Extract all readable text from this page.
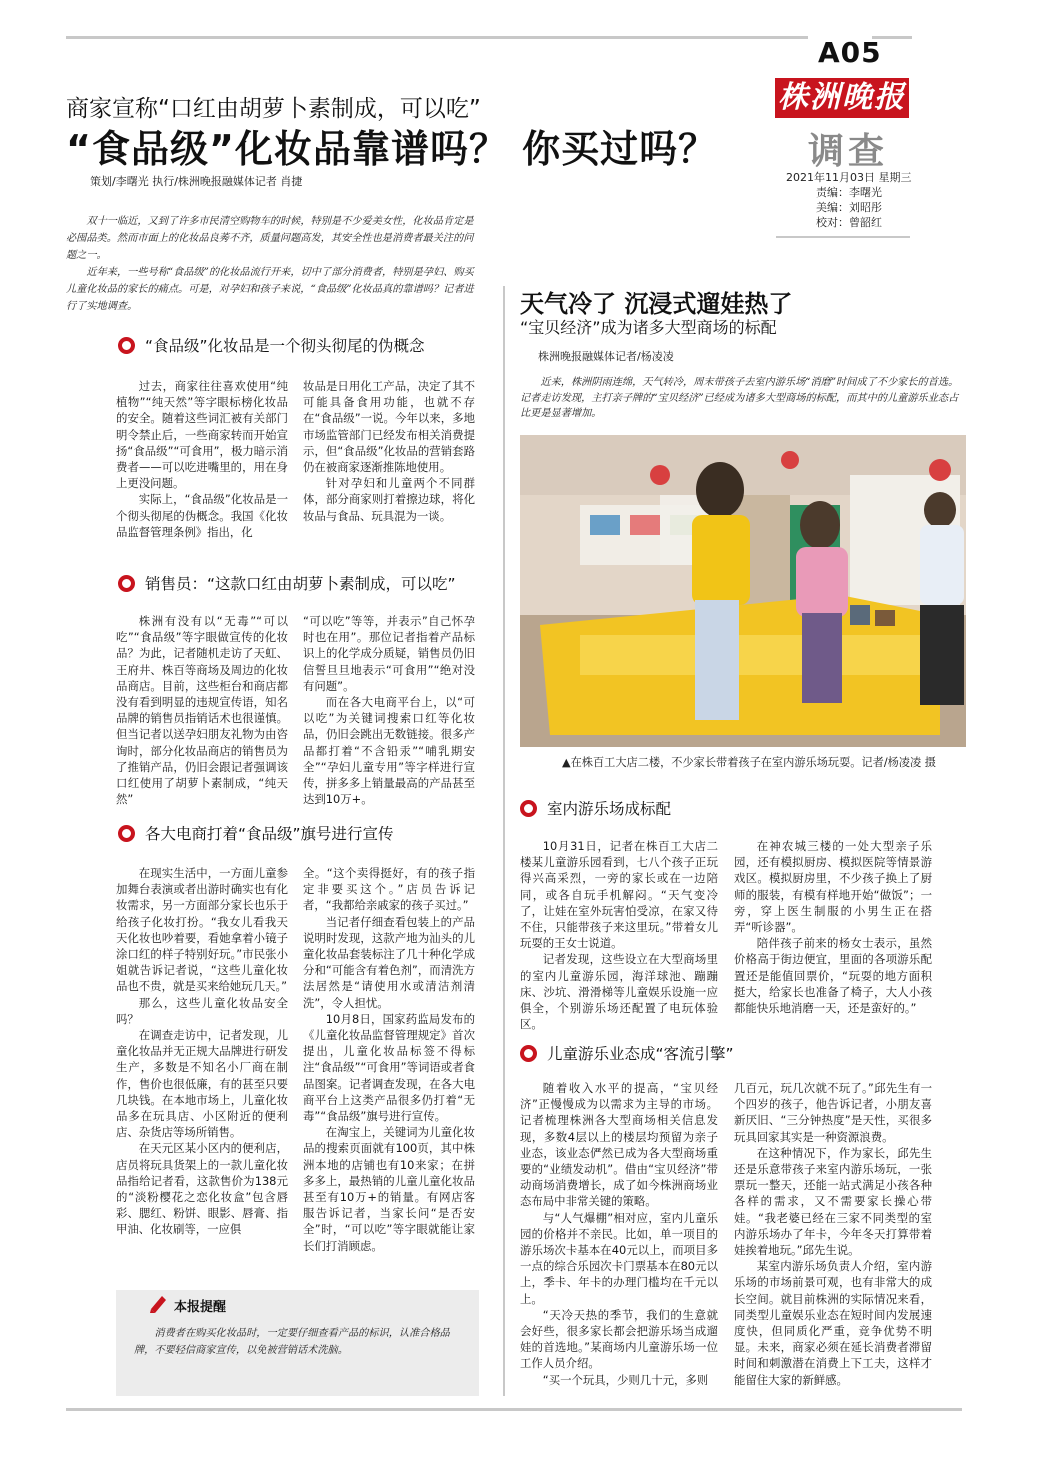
A05
株洲晚报
调查
2021年11月03日 星期三
责编：李曙光
美编：刘昭彤
校对：曾韶红
商家宣称“口红由胡萝卜素制成，可以吃”
“食品级”化妆品靠谱吗？ 你买过吗？
策划/李曙光 执行/株洲晚报融媒体记者 肖捷

双十一临近，又到了许多市民清空购物车的时候，特别是不少爱美女性，化妆品肯定是必囤品类。然而市面上的化妆品良莠不齐，质量问题高发，其安全性也是消费者最关注的问题之一。

近年来，一些号称“食品级”的化妆品流行开来，切中了部分消费者，特别是孕妇、购买儿童化妆品的家长的痛点。可是，对孕妇和孩子来说，“食品级”化妆品真的靠谱吗？记者进行了实地调查。

“食品级”化妆品是一个彻头彻尾的伪概念

过去，商家往往喜欢使用“纯植物”“纯天然”等字眼标榜化妆品的安全。随着这些词汇被有关部门明令禁止后，一些商家转而开始宣扬“食品级”“可食用”，极力暗示消费者——可以吃进嘴里的，用在身上更没问题。

实际上，“食品级”化妆品是一个彻头彻尾的伪概念。我国《化妆品监督管理条例》指出，化

妆品是日用化工产品，决定了其不可能具备食用功能，也就不存在“食品级”一说。今年以来，多地市场监管部门已经发布相关消费提示，但“食品级”化妆品的营销套路仍在被商家逐渐推陈地使用。

针对孕妇和儿童两个不同群体，部分商家则打着擦边球，将化妆品与食品、玩具混为一谈。

销售员：“这款口红由胡萝卜素制成，可以吃”

株洲有没有以“无毒”“可以吃”“食品级”等字眼做宣传的化妆品？为此，记者随机走访了天虹、王府井、株百等商场及周边的化妆品商店。目前，这些柜台和商店都没有看到明显的违规宣传语，知名品牌的销售员指销话术也很谨慎。但当记者以送孕妇朋友礼物为由咨询时，部分化妆品商店的销售员为了推销产品，仍旧会跟记者强调该口红使用了胡萝卜素制成，“纯天然”

“可以吃”等等，并表示”自己怀孕时也在用”。那位记者指着产品标识上的化学成分质疑，销售员仍旧信誓旦旦地表示“可食用”“绝对没有问题”。

而在各大电商平台上，以“可以吃”为关键词搜索口红等化妆品，仍旧会跳出无数链接。很多产品都打着“不含铅汞”“哺乳期安全”“孕妇儿童专用”等字样进行宣传，拼多多上销量最高的产品甚至达到10万+。

各大电商打着“食品级”旗号进行宣传

在现实生活中，一方面儿童参加舞台表演或者出游时确实也有化妆需求，另一方面部分家长也乐于给孩子化妆打扮。“我女儿看我天天化妆也吵着要，看她拿着小镜子涂口红的样子特别好玩。”市民张小姐就告诉记者说，“这些儿童化妆品也不贵，就是买来给她玩几天。”

那么，这些儿童化妆品安全吗？

在调查走访中，记者发现，儿童化妆品并无正规大品牌进行研发生产，多数是不知名小厂商在制作，售价也很低廉，有的甚至只要几块钱。在本地市场上，儿童化妆品多在玩具店、小区附近的便利店、杂货店等场所销售。

在天元区某小区内的便利店，店员将玩具货架上的一款儿童化妆品指给记者看，这款售价为138元的“淡粉樱花之恋化妆盒”包含唇彩、腮红、粉饼、眼影、唇膏、指甲油、化妆刷等，一应俱

全。“这个卖得挺好，有的孩子指定非要买这个。”店员告诉记者，“我都给亲戚家的孩子买过。”

当记者仔细查看包装上的产品说明时发现，这款产地为汕头的儿童化妆品套装标注了几十种化学成分和“可能含有着色剂”，而清洗方法居然是“请使用水或清洁剂清洗”，令人担忧。

10月8日，国家药监局发布的《儿童化妆品监督管理规定》首次提出，儿童化妆品标签不得标注“食品级”“可食用”等词语或者食品图案。记者调查发现，在各大电商平台上这类产品很多仍打着“无毒”“食品级”旗号进行宣传。

在淘宝上，关键词为儿童化妆品的搜索页面就有100页，其中株洲本地的店铺也有10来家；在拼多多上，最热销的儿童儿童化妆品甚至有10万+的销量。有网店客服告诉记者，当家长问“是否安全”时，“可以吃”等字眼就能让家长们打消顾虑。

本报提醒

消费者在购买化妆品时，一定要仔细查看产品的标识，认准合格品牌，不要轻信商家宣传，以免被营销话术洗脑。

天气冷了 沉浸式遛娃热了
“宝贝经济”成为诸多大型商场的标配
株洲晚报融媒体记者/杨凌凌

近来，株洲阴雨连绵，天气转冷，周末带孩子去室内游乐场“消磨”时间成了不少家长的首选。记者走访发现，主打亲子牌的“宝贝经济”已经成为诸多大型商场的标配，而其中的儿童游乐业态占比更是显著增加。

▲在株百工大店二楼，不少家长带着孩子在室内游乐场玩耍。记者/杨凌凌 摄
室内游乐场成标配

10月31日，记者在株百工大店二楼某儿童游乐园看到，七八个孩子正玩得兴高采烈，一旁的家长或在一边陪同，或各自玩手机解闷。“天气变冷了，让娃在室外玩害怕受凉，在家又待不住，只能带孩子来这里玩。”带着女儿玩耍的王女士说道。

记者发现，这些设立在大型商场里的室内儿童游乐园，海洋球池、蹦蹦床、沙坑、滑滑梯等儿童娱乐设施一应俱全，个别游乐场还配置了电玩体验区。

在神农城三楼的一处大型亲子乐园，还有模拟厨房、模拟医院等情景游戏区。模拟厨房里，不少孩子换上了厨师的服装，有模有样地开始“做饭”；一旁，穿上医生制服的小男生正在搭弄“听诊器”。

陪伴孩子前来的杨女士表示，虽然价格高于街边便宜，里面的各项游乐配置还是能值回票价，“玩耍的地方面积挺大，给家长也准备了椅子，大人小孩都能快乐地消磨一天，还是蛮好的。”

儿童游乐业态成“客流引擎”

随着收入水平的提高，“宝贝经济”正慢慢成为以需求为主导的市场。记者梳理株洲各大型商场相关信息发现，多数4层以上的楼层均预留为亲子业态，该业态俨然已成为各大型商场重要的“业绩发动机”。借由“宝贝经济”带动商场消费增长，成了如今株洲商场业态布局中非常关键的策略。

与“人气爆棚”相对应，室内儿童乐园的价格并不亲民。比如，单一项目的游乐场次卡基本在40元以上，而项目多一点的综合乐园次卡门票基本在80元以上，季卡、年卡的办理门槛均在千元以上。

“天冷天热的季节，我们的生意就会好些，很多家长都会把游乐场当成遛娃的首选地。”某商场内儿童游乐场一位工作人员介绍。

“买一个玩具，少则几十元，多则

几百元，玩几次就不玩了。”邱先生有一个四岁的孩子，他告诉记者，小朋友喜新厌旧、“三分钟热度”是天性，买很多玩具回家其实是一种资源浪费。

在这种情况下，作为家长，邱先生还是乐意带孩子来室内游乐场玩，一张票玩一整天，还能一站式满足小孩各种各样的需求，又不需要家长操心带娃。“我老婆已经在三家不同类型的室内游乐场办了年卡，今年冬天打算带着娃挨着地玩。”邱先生说。

某室内游乐场负责人介绍，室内游乐场的市场前景可观，也有非常大的成长空间。就目前株洲的实际情况来看，同类型儿童娱乐业态在短时间内发展速度快，但同质化严重，竞争优势不明显。未来，商家必须在延长消费者滞留时间和刺激潜在消费上下工夫，这样才能留住大家的新鲜感。
